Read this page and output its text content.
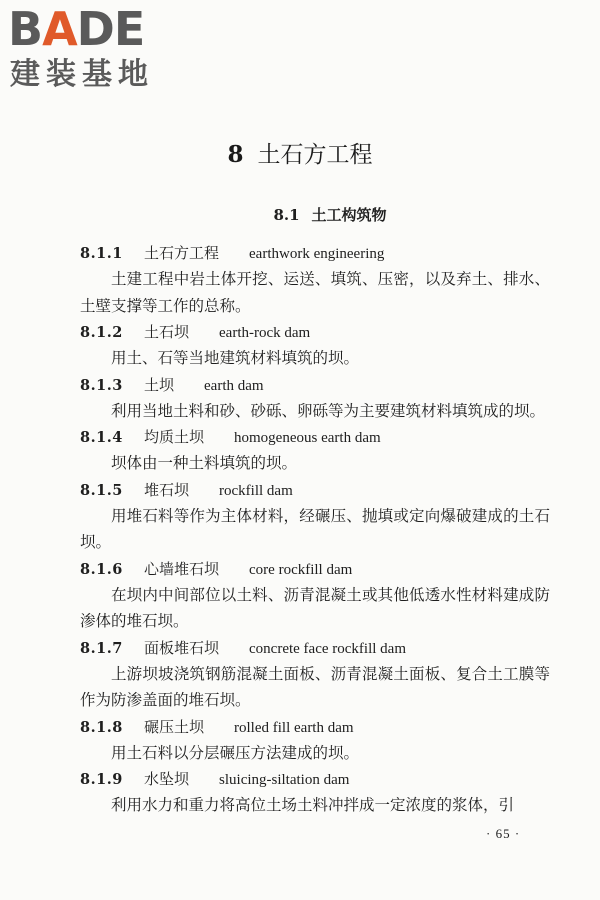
BADE
建装基地
8 土石方工程
8.1 土工构筑物
8.1.1 土石方工程 earthwork engineering

土建工程中岩土体开挖、运送、填筑、压密，以及弃土、排水、土壁支撑等工作的总称。

8.1.2 土石坝 earth-rock dam

用土、石等当地建筑材料填筑的坝。

8.1.3 土坝 earth dam

利用当地土料和砂、砂砾、卵砾等为主要建筑材料填筑成的坝。

8.1.4 均质土坝 homogeneous earth dam

坝体由一种土料填筑的坝。

8.1.5 堆石坝 rockfill dam

用堆石料等作为主体材料，经碾压、抛填或定向爆破建成的土石坝。

8.1.6 心墙堆石坝 core rockfill dam

在坝内中间部位以土料、沥青混凝土或其他低透水性材料建成防渗体的堆石坝。

8.1.7 面板堆石坝 concrete face rockfill dam

上游坝坡浇筑钢筋混凝土面板、沥青混凝土面板、复合土工膜等作为防渗盖面的堆石坝。

8.1.8 碾压土坝 rolled fill earth dam

用土石料以分层碾压方法建成的坝。

8.1.9 水坠坝 sluicing-siltation dam

利用水力和重力将高位土场土料冲拌成一定浓度的浆体，引

· 65 ·
